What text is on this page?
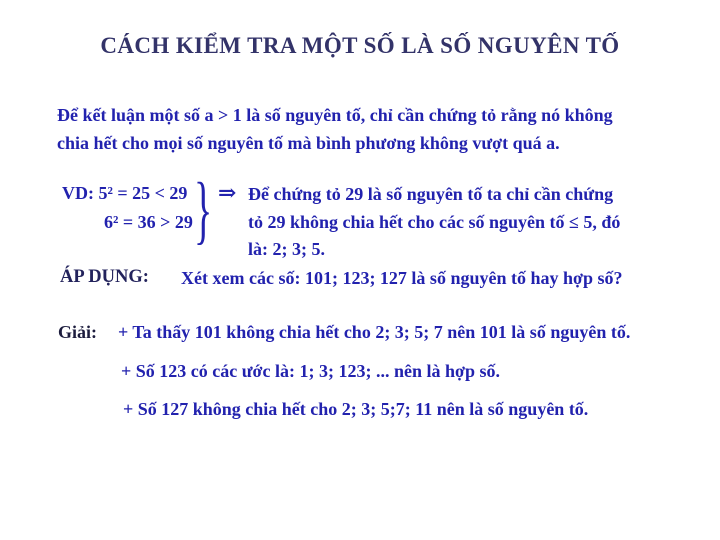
CÁCH KIỂM TRA MỘT SỐ LÀ SỐ NGUYÊN TỐ
Để kết luận một số a > 1 là số nguyên tố, chỉ cần chứng tỏ rằng nó không
chia hết cho mọi số nguyên tố mà bình phương không vượt quá a.
VD: 5² = 25 < 29
6² = 36 > 29 } ⇒ Để chứng tỏ 29 là số nguyên tố ta chỉ cần chứng
tỏ 29 không chia hết cho các số nguyên tố ≤ 5, đó
là: 2; 3; 5.
ÁP DỤNG: Xét xem các số: 101; 123; 127 là số nguyên tố hay hợp số?
Giải: + Ta thấy 101 không chia hết cho 2; 3; 5; 7 nên 101 là số nguyên tố.
+ Số 123 có các ước là: 1; 3; 123; ... nên là hợp số.
+ Số 127 không chia hết cho 2; 3; 5;7; 11 nên là số nguyên tố.
